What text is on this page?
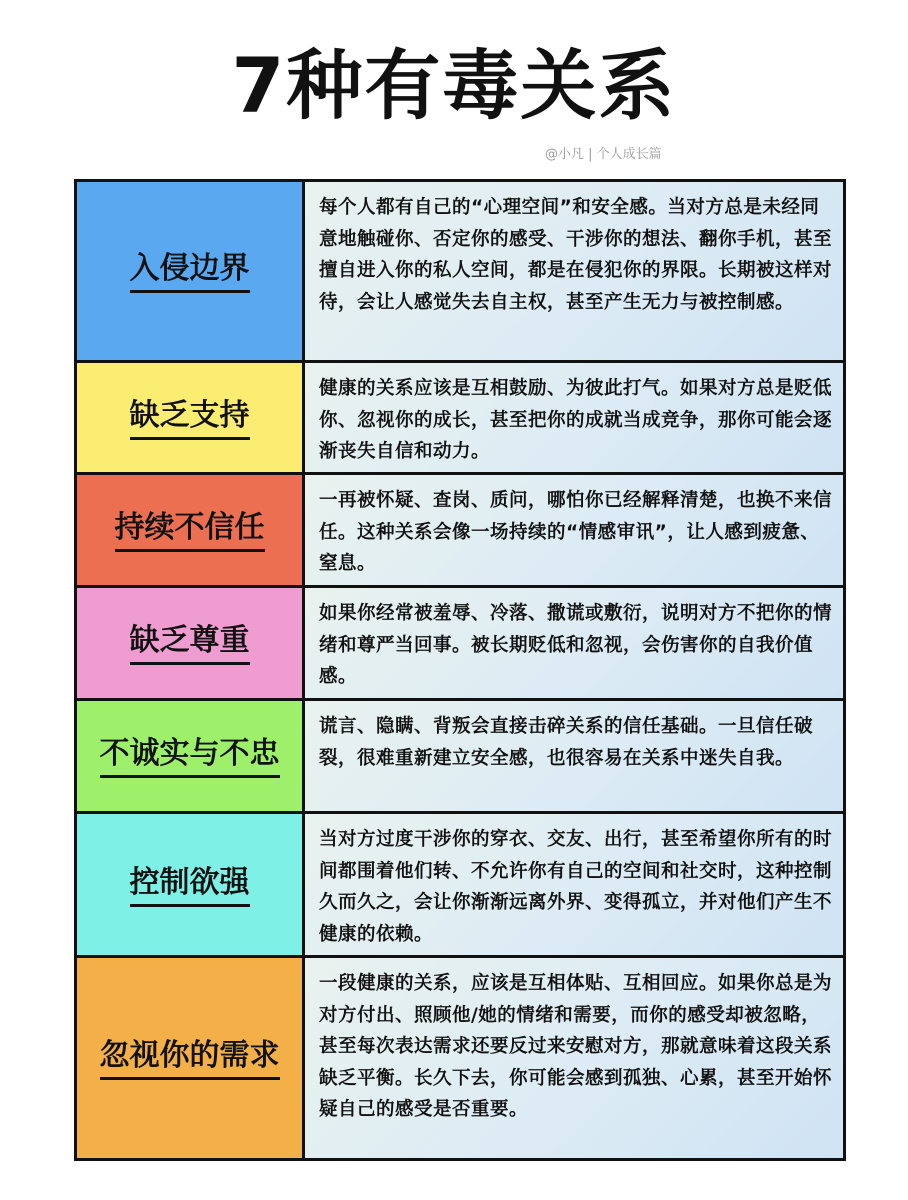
7种有毒关系
@小凡 | 个人成长篇
入侵边界
每个人都有自己的“心理空间”和安全感。当对方总是未经同意地触碰你、否定你的感受、干涉你的想法、翻你手机，甚至擅自进入你的私人空间，都是在侵犯你的界限。长期被这样对待，会让人感觉失去自主权，甚至产生无力与被控制感。
缺乏支持
健康的关系应该是互相鼓励、为彼此打气。如果对方总是贬低你、忽视你的成长，甚至把你的成就当成竞争，那你可能会逐渐丧失自信和动力。
持续不信任
一再被怀疑、查岗、质问，哪怕你已经解释清楚，也换不来信任。这种关系会像一场持续的“情感审讯”，让人感到疲惫、窒息。
缺乏尊重
如果你经常被羞辱、冷落、撒谎或敷衍，说明对方不把你的情绪和尊严当回事。被长期贬低和忽视，会伤害你的自我价值感。
不诚实与不忠
谎言、隐瞒、背叛会直接击碎关系的信任基础。一旦信任破裂，很难重新建立安全感，也很容易在关系中迷失自我。
控制欲强
当对方过度干涉你的穿衣、交友、出行，甚至希望你所有的时间都围着他们转、不允许你有自己的空间和社交时，这种控制久而久之，会让你渐渐远离外界、变得孤立，并对他们产生不健康的依赖。
忽视你的需求
一段健康的关系，应该是互相体贴、互相回应。如果你总是为对方付出、照顾他/她的情绪和需要，而你的感受却被忽略，甚至每次表达需求还要反过来安慰对方，那就意味着这段关系缺乏平衡。长久下去，你可能会感到孤独、心累，甚至开始怀疑自己的感受是否重要。
